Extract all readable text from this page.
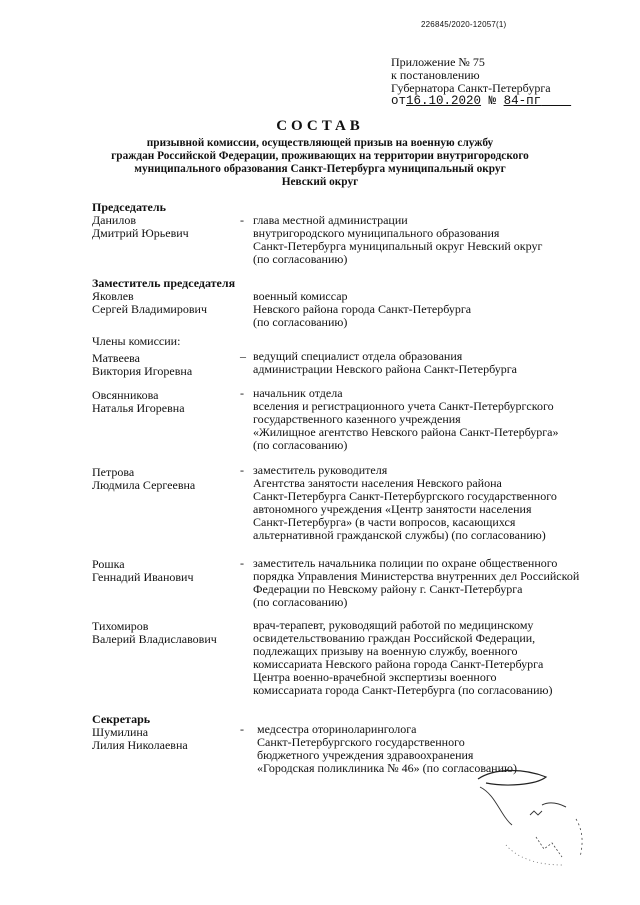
226845/2020-12057(1)
Приложение № 75
к постановлению
Губернатора Санкт-Петербурга
от16.10.2020 № 84-пг
СОСТАВ
призывной комиссии, осуществляющей призыв на военную службу
граждан Российской Федерации, проживающих на территории внутригородского
муниципального образования Санкт-Петербурга муниципальный округ
Невский округ
Председатель
Данилов
Дмитрий Юрьевич
- глава местной администрации
внутригородского муниципального образования
Санкт-Петербурга муниципальный округ Невский округ
(по согласованию)
Заместитель председателя
Яковлев
Сергей Владимирович
военный комиссар
Невского района города Санкт-Петербурга
(по согласованию)
Члены комиссии:
Матвеева
Виктория Игоревна
– ведущий специалист отдела образования
администрации Невского района Санкт-Петербурга
Овсянникова
Наталья Игоревна
- начальник отдела
вселения и регистрационного учета Санкт-Петербургского
государственного казенного учреждения
«Жилищное агентство Невского района Санкт-Петербурга»
(по согласованию)
Петрова
Людмила Сергеевна
- заместитель руководителя
Агентства занятости населения Невского района
Санкт-Петербурга Санкт-Петербургского государственного
автономного учреждения «Центр занятости населения
Санкт-Петербурга» (в части вопросов, касающихся
альтернативной гражданской службы) (по согласованию)
Рошка
Геннадий Иванович
- заместитель начальника полиции по охране общественного
порядка Управления Министерства внутренних дел Российской
Федерации по Невскому району г. Санкт-Петербурга
(по согласованию)
Тихомиров
Валерий Владиславович
врач-терапевт, руководящий работой по медицинскому
освидетельствованию граждан Российской Федерации,
подлежащих призыву на военную службу, военного
комиссариата Невского района города Санкт-Петербурга
Центра военно-врачебной экспертизы военного
комиссариата города Санкт-Петербурга (по согласованию)
Секретарь
Шумилина
Лилия Николаевна
- медсестра оториноларинголога
Санкт-Петербургского государственного
бюджетного учреждения здравоохранения
«Городская поликлиника № 46» (по согласованию)
